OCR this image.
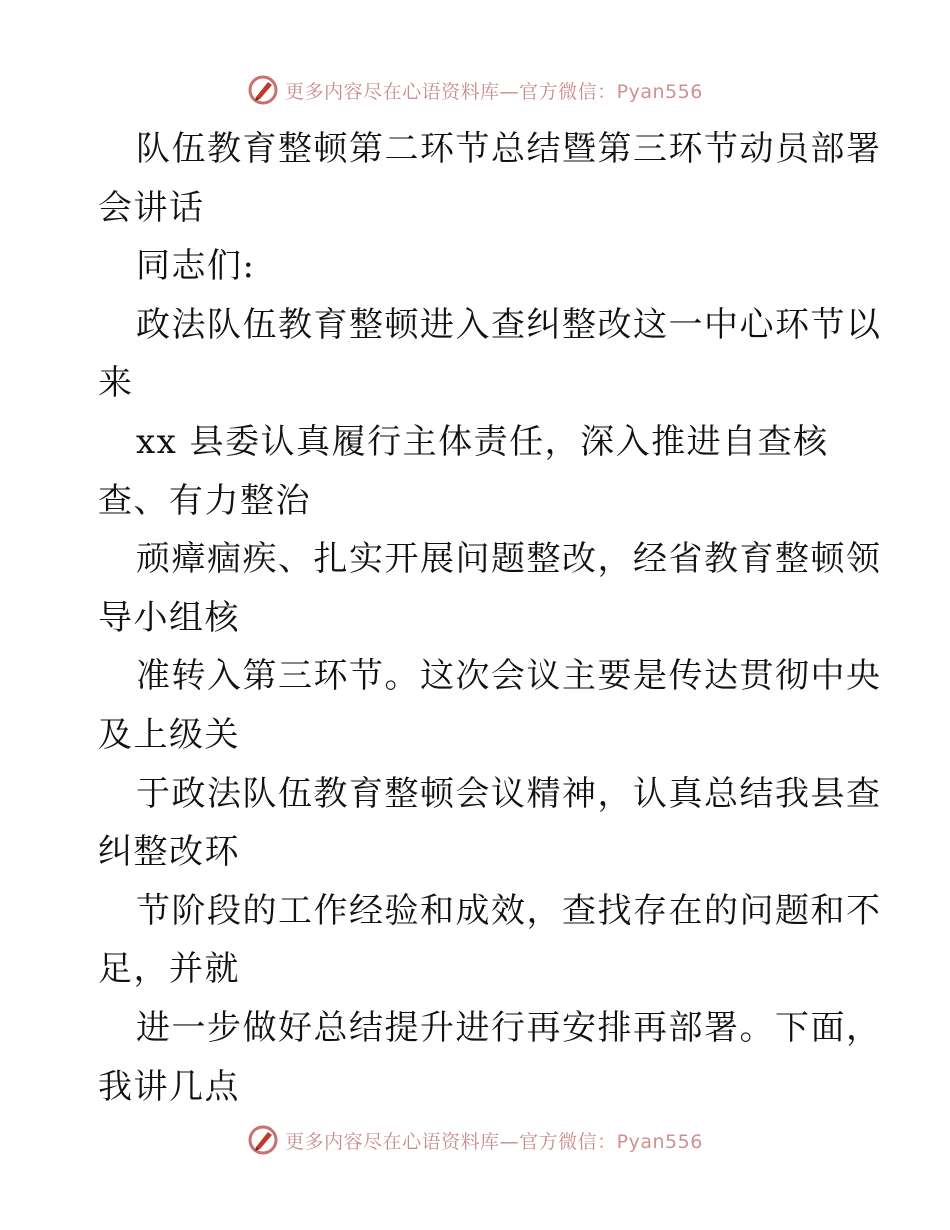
更多内容尽在心语资料库—官方微信：Pyan556
队伍教育整顿第二环节总结暨第三环节动员部署
会讲话
同志们:
政法队伍教育整顿进入查纠整改这一中心环节以
来
xx 县委认真履行主体责任，深入推进自查核
查、有力整治
顽瘴痼疾、扎实开展问题整改，经省教育整顿领
导小组核
准转入第三环节。这次会议主要是传达贯彻中央
及上级关
于政法队伍教育整顿会议精神，认真总结我县查
纠整改环
节阶段的工作经验和成效，查找存在的问题和不
足，并就
进一步做好总结提升进行再安排再部署。下面，
我讲几点
更多内容尽在心语资料库—官方微信：Pyan556
